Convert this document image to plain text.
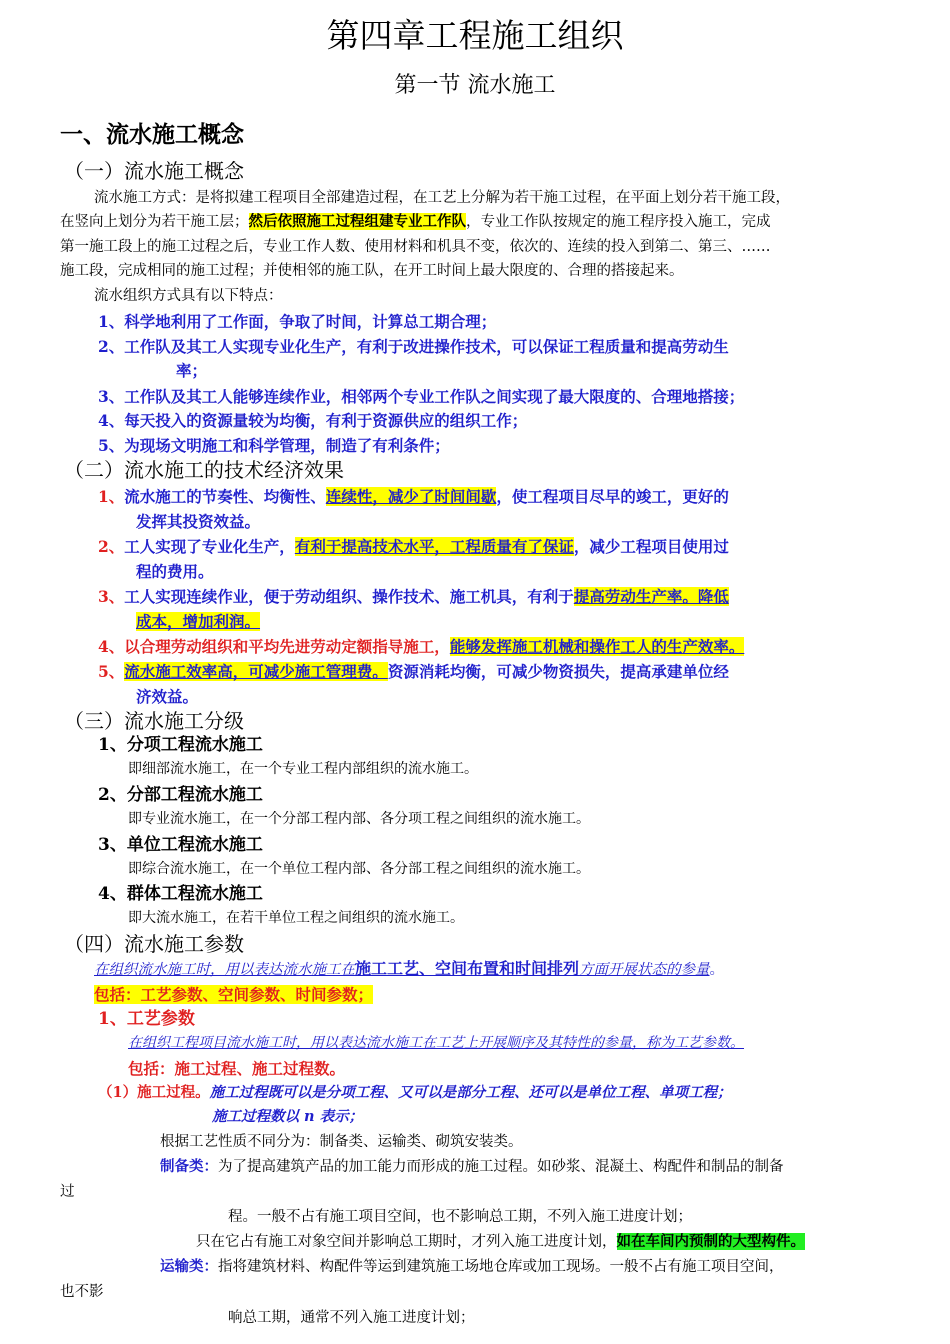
第四章工程施工组织
第一节 流水施工
一、流水施工概念
（一）流水施工概念
流水施工方式：是将拟建工程项目全部建造过程，在工艺上分解为若干施工过程，在平面上划分若干施工段，
在竖向上划分为若干施工层；然后依照施工过程组建专业工作队，专业工作队按规定的施工程序投入施工，完成
第一施工段上的施工过程之后，专业工作人数、使用材料和机具不变，依次的、连续的投入到第二、第三、……
施工段，完成相同的施工过程；并使相邻的施工队，在开工时间上最大限度的、合理的搭接起来。
流水组织方式具有以下特点：
1、科学地利用了工作面，争取了时间，计算总工期合理；
2、工作队及其工人实现专业化生产，有利于改进操作技术，可以保证工程质量和提高劳动生
率；
3、工作队及其工人能够连续作业，相邻两个专业工作队之间实现了最大限度的、合理地搭接；
4、每天投入的资源量较为均衡，有利于资源供应的组织工作；
5、为现场文明施工和科学管理，制造了有利条件；
（二）流水施工的技术经济效果
1、流水施工的节奏性、均衡性、连续性，减少了时间间歇，使工程项目尽早的竣工，更好的
发挥其投资效益。
2、工人实现了专业化生产，有利于提高技术水平，工程质量有了保证，减少工程项目使用过
程的费用。
3、工人实现连续作业，便于劳动组织、操作技术、施工机具，有利于提高劳动生产率。降低
成本，增加利润。
4、以合理劳动组织和平均先进劳动定额指导施工，能够发挥施工机械和操作工人的生产效率。
5、流水施工效率高，可减少施工管理费。资源消耗均衡，可减少物资损失，提高承建单位经
济效益。
（三）流水施工分级
1、分项工程流水施工
即细部流水施工，在一个专业工程内部组织的流水施工。
2、分部工程流水施工
即专业流水施工，在一个分部工程内部、各分项工程之间组织的流水施工。
3、单位工程流水施工
即综合流水施工，在一个单位工程内部、各分部工程之间组织的流水施工。
4、群体工程流水施工
即大流水施工，在若干单位工程之间组织的流水施工。
（四）流水施工参数
在组织流水施工时，用以表达流水施工在施工工艺、空间布置和时间排列方面开展状态的参量。
包括：工艺参数、空间参数、时间参数；
1、工艺参数
在组织工程项目流水施工时，用以表达流水施工在工艺上开展顺序及其特性的参量，称为工艺参数。
包括：施工过程、施工过程数。
（1）施工过程。施工过程既可以是分项工程、又可以是部分工程、还可以是单位工程、单项工程；
施工过程数以 n 表示；
根据工艺性质不同分为：制备类、运输类、砌筑安装类。
制备类：为了提高建筑产品的加工能力而形成的施工过程。如砂浆、混凝土、构配件和制品的制备
过
程。一般不占有施工项目空间，也不影响总工期，不列入施工进度计划；
只在它占有施工对象空间并影响总工期时，才列入施工进度计划，如在车间内预制的大型构件。
运输类：指将建筑材料、构配件等运到建筑施工场地仓库或加工现场。一般不占有施工项目空间，
也不影
响总工期，通常不列入施工进度计划；
